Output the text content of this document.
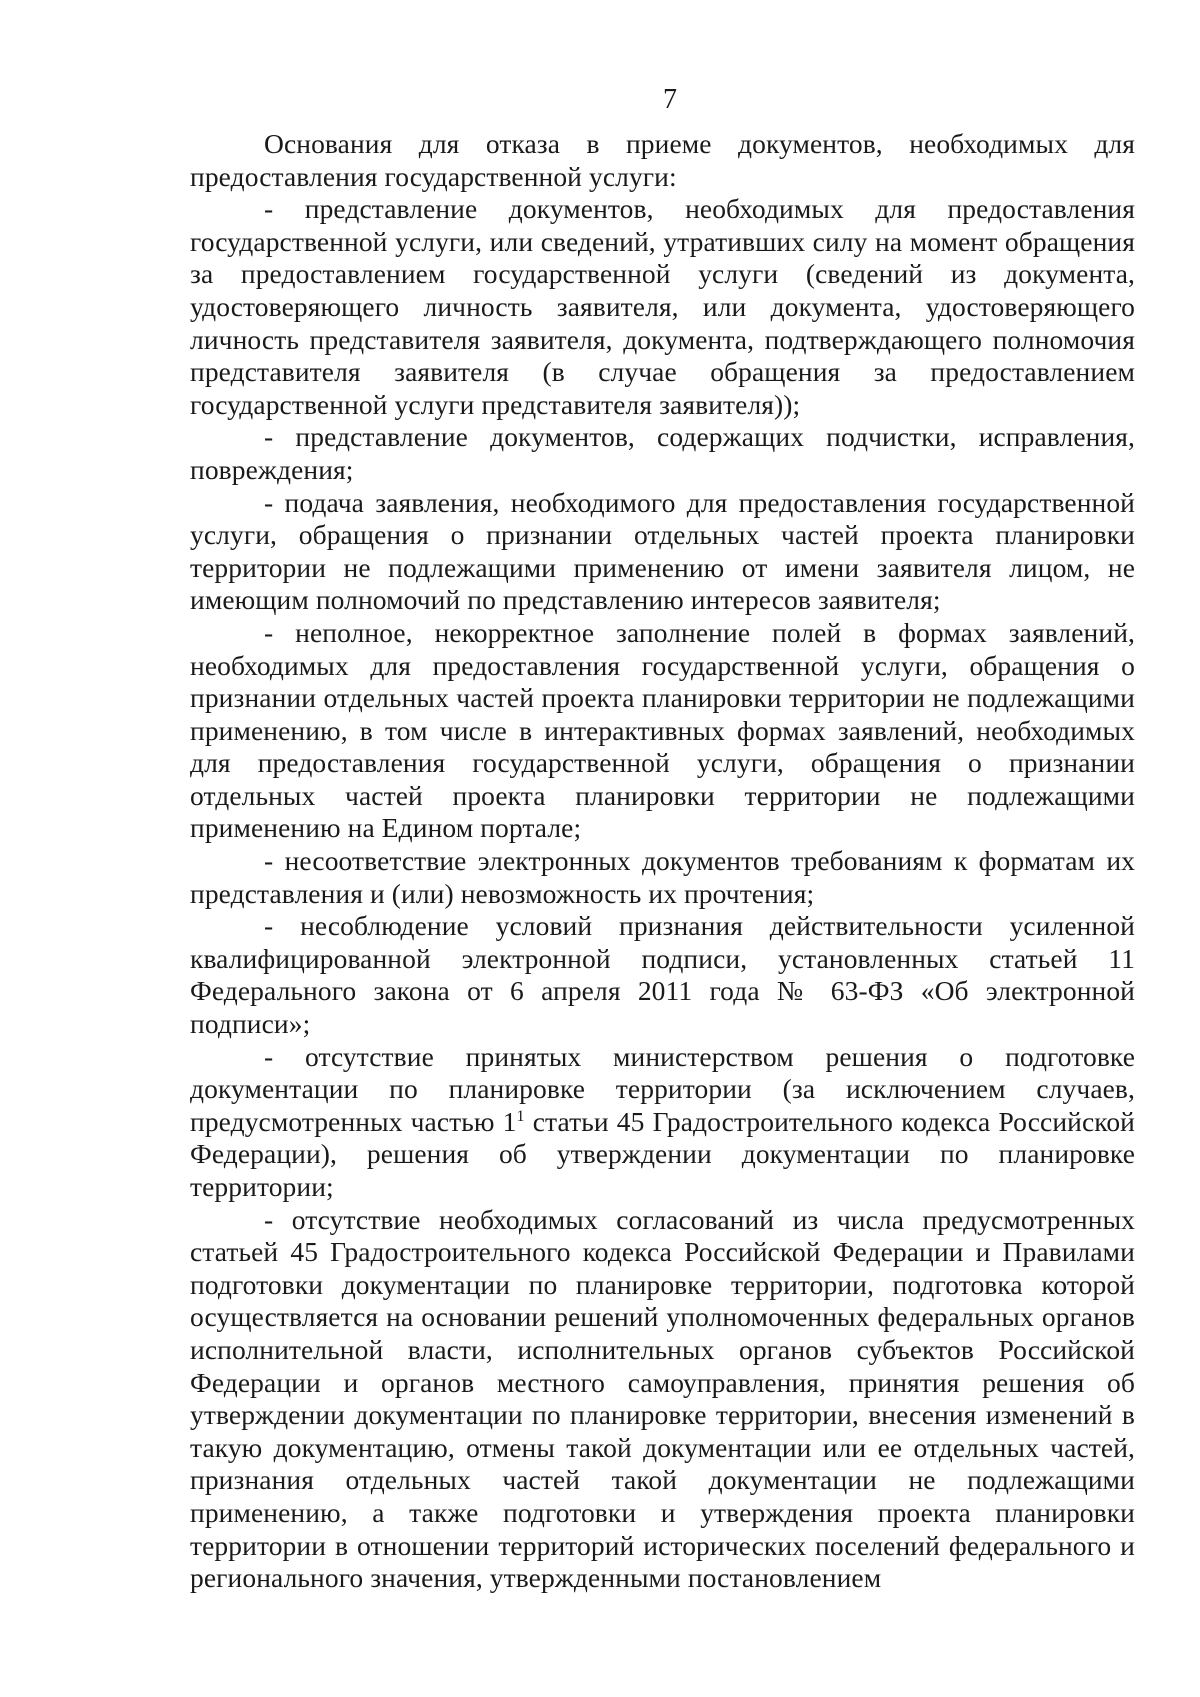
7

Основания для отказа в приеме документов, необходимых для предоставления государственной услуги:

- представление документов, необходимых для предоставления государственной услуги, или сведений, утративших силу на момент обращения за предоставлением государственной услуги (сведений из документа, удостоверяющего личность заявителя, или документа, удостоверяющего личность представителя заявителя, документа, подтверждающего полномочия представителя заявителя (в случае обращения за предоставлением государственной услуги представителя заявителя));

- представление документов, содержащих подчистки, исправления, повреждения;

- подача заявления, необходимого для предоставления государственной услуги, обращения о признании отдельных частей проекта планировки территории не подлежащими применению от имени заявителя лицом, не имеющим полномочий по представлению интересов заявителя;

- неполное, некорректное заполнение полей в формах заявлений, необходимых для предоставления государственной услуги, обращения о признании отдельных частей проекта планировки территории не подлежащими применению, в том числе в интерактивных формах заявлений, необходимых для предоставления государственной услуги, обращения о признании отдельных частей проекта планировки территории не подлежащими применению на Едином портале;

- несоответствие электронных документов требованиям к форматам их представления и (или) невозможность их прочтения;

- несоблюдение условий признания действительности усиленной квалифицированной электронной подписи, установленных статьей 11 Федерального закона от 6 апреля 2011 года № 63-ФЗ «Об электронной подписи»;

- отсутствие принятых министерством решения о подготовке документации по планировке территории (за исключением случаев, предусмотренных частью $1^1$ статьи 45 Градостроительного кодекса Российской Федерации), решения об утверждении документации по планировке территории;

- отсутствие необходимых согласований из числа предусмотренных статьей 45 Градостроительного кодекса Российской Федерации и Правилами подготовки документации по планировке территории, подготовка которой осуществляется на основании решений уполномоченных федеральных органов исполнительной власти, исполнительных органов субъектов Российской Федерации и органов местного самоуправления, принятия решения об утверждении документации по планировке территории, внесения изменений в такую документацию, отмены такой документации или ее отдельных частей, признания отдельных частей такой документации не подлежащими применению, а также подготовки и утверждения проекта планировки территории в отношении территорий исторических поселений федерального и регионального значения, утвержденными постановлением
